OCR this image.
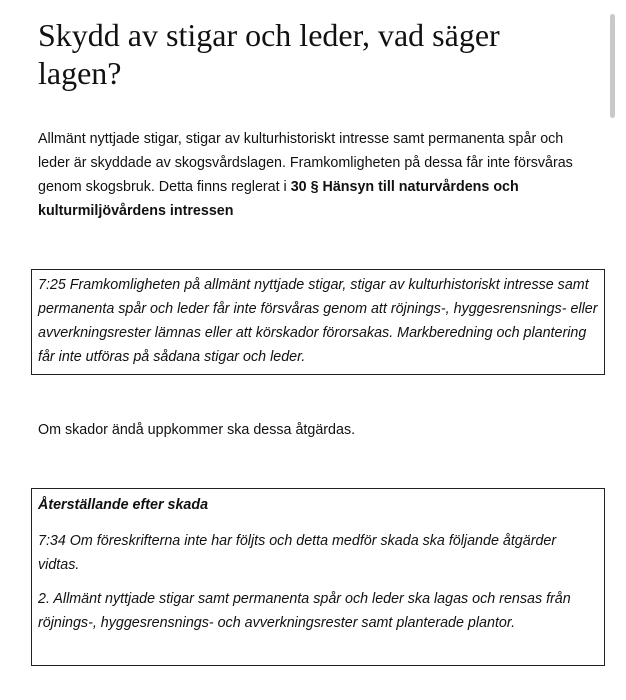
Skydd av stigar och leder, vad säger lagen?

Allmänt nyttjade stigar, stigar av kulturhistoriskt intresse samt permanenta spår och leder är skyddade av skogsvårdslagen. Framkomligheten på dessa får inte försvåras genom skogsbruk. Detta finns reglerat i 30 § Hänsyn till naturvårdens och kulturmiljövårdens intressen

7:25 Framkomligheten på allmänt nyttjade stigar, stigar av kulturhistoriskt intresse samt permanenta spår och leder får inte försvåras genom att röjnings-, hyggesrensnings- eller avverkningsrester lämnas eller att körskador förorsakas. Markberedning och plantering får inte utföras på sådana stigar och leder.

Om skador ändå uppkommer ska dessa åtgärdas.

Återställande efter skada

7:34 Om föreskrifterna inte har följts och detta medför skada ska följande åtgärder vidtas.

2. Allmänt nyttjade stigar samt permanenta spår och leder ska lagas och rensas från röjnings-, hyggesrensnings- och avverkningsrester samt planterade plantor.
